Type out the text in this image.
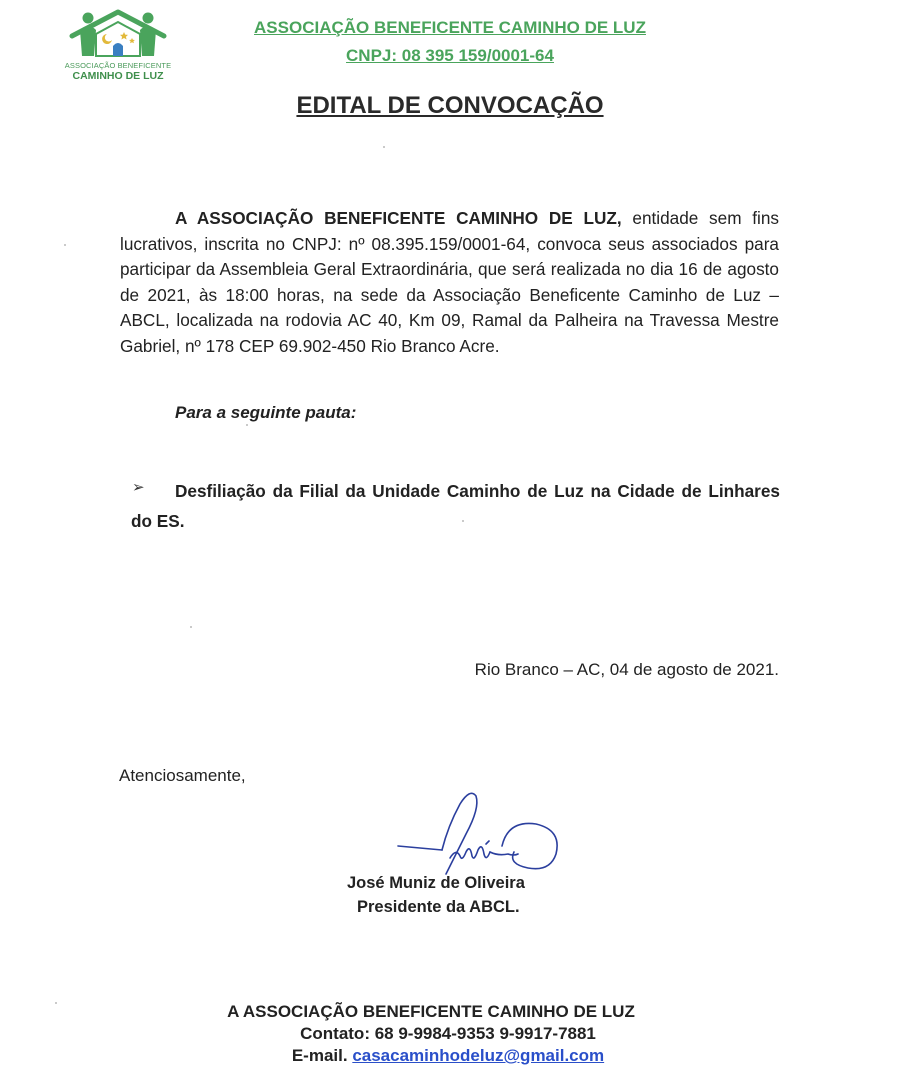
ASSOCIAÇÃO BENEFICENTE
CAMINHO DE LUZ
ASSOCIAÇÃO BENEFICENTE CAMINHO DE LUZ
CNPJ: 08 395 159/0001-64
EDITAL DE CONVOCAÇÃO

A ASSOCIAÇÃO BENEFICENTE CAMINHO DE LUZ, entidade sem fins lucrativos, inscrita no CNPJ: nº 08.395.159/0001-64, convoca seus associados para participar da Assembleia Geral Extraordinária, que será realizada no dia 16 de agosto de 2021, às 18:00 horas, na sede da Associação Beneficente Caminho de Luz – ABCL, localizada na rodovia AC 40, Km 09, Ramal da Palheira na Travessa Mestre Gabriel, nº 178 CEP 69.902-450 Rio Branco Acre.

Para a seguinte pauta:
➢	Desfiliação da Filial da Unidade Caminho de Luz na Cidade de Linhares do ES.

Rio Branco – AC, 04 de agosto de 2021.
Atenciosamente,
José Muniz de Oliveira
Presidente da ABCL.
A ASSOCIAÇÃO BENEFICENTE CAMINHO DE LUZ
Contato: 68 9-9984-9353 9-9917-7881
E-mail. casacaminhodeluz@gmail.com
